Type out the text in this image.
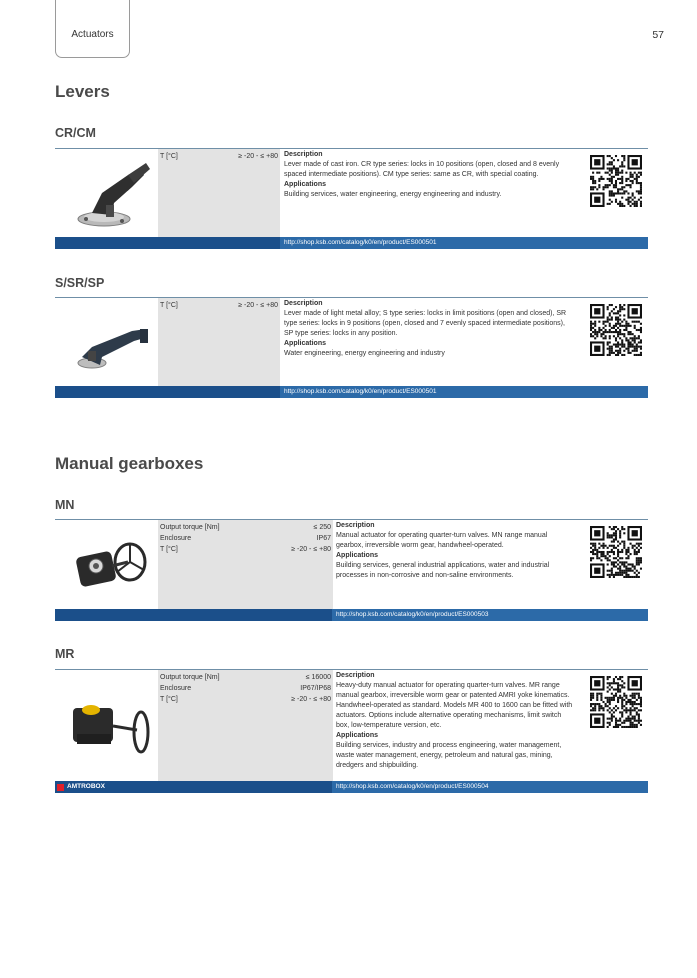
Actuators	57
Levers
CR/CM
T [°C]	≥ -20 - ≤ +80 Description

Lever made of cast iron. CR type series: locks in 10 positions (open, closed and 8 evenly spaced intermediate positions). CM type series: same as CR, with special coating.

Applications

Building services, water engineering, energy engineering and industry.

http://shop.ksb.com/catalog/k0/en/product/ES000501
S/SR/SP
T [°C]	≥ -20 - ≤ +80 Description

Lever made of light metal alloy; S type series: locks in limit positions (open and closed), SR type series: locks in 9 positions (open, closed and 7 evenly spaced intermediate positions), SP type series: locks in any position.

Applications

Water engineering, energy engineering and industry

http://shop.ksb.com/catalog/k0/en/product/ES000501
Manual gearboxes
MN
Output torque [Nm]	≤ 250
Enclosure	IP67
T [°C]	≥ -20 - ≤ +80
Description

Manual actuator for operating quarter-turn valves. MN range manual gearbox, irreversible worm gear, handwheel-operated.

Applications

Building services, general industrial applications, water and industrial processes in non-corrosive and non-saline environments.

http://shop.ksb.com/catalog/k0/en/product/ES000503
MR
Output torque [Nm]	≤ 16000
Enclosure	IP67/IP68
T [°C]	≥ -20 - ≤ +80
Description

Heavy-duty manual actuator for operating quarter-turn valves. MR range manual gearbox, irreversible worm gear or patented AMRI yoke kinematics. Handwheel-operated as standard. Models MR 400 to 1600 can be fitted with actuators. Options include alternative operating mechanisms, limit switch box, low-temperature version, etc.

Applications

Building services, industry and process engineering, water management, waste water management, energy, petroleum and natural gas, mining, dredgers and shipbuilding.

AMTROBOX	http://shop.ksb.com/catalog/k0/en/product/ES000504
